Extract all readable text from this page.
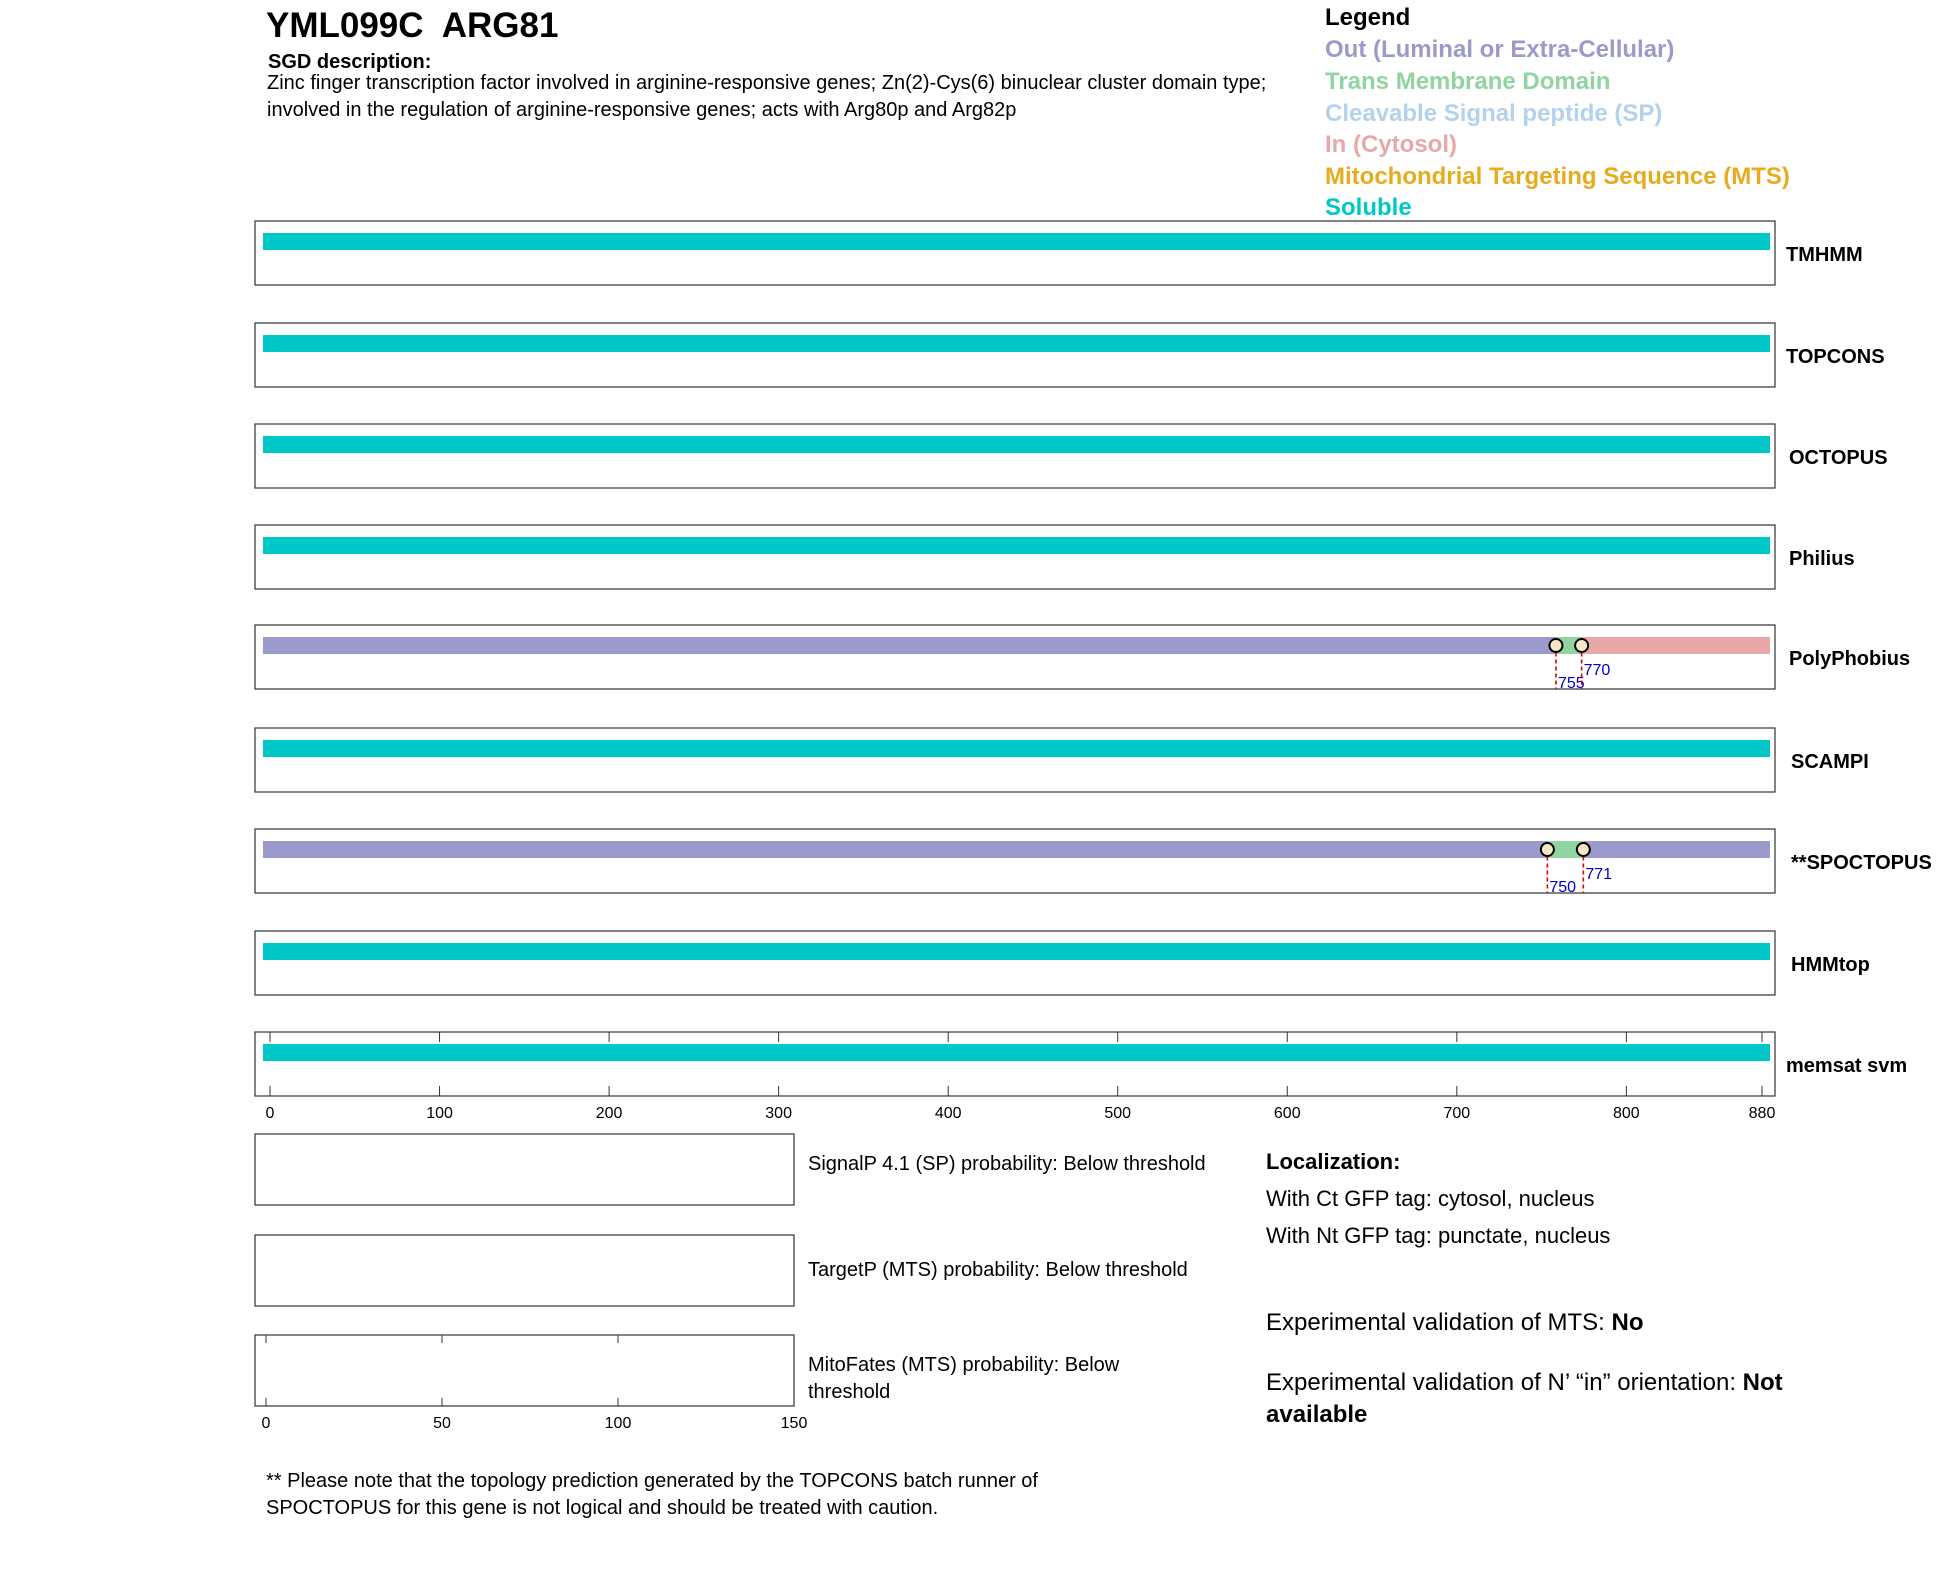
YML099C ARG81
SGD description:
Zinc finger transcription factor involved in arginine-responsive genes; Zn(2)-Cys(6) binuclear cluster domain type; involved in the regulation of arginine-responsive genes; acts with Arg80p and Arg82p
Legend
Out (Luminal or Extra-Cellular)
Trans Membrane Domain
Cleavable Signal peptide (SP)
In (Cytosol)
Mitochondrial Targeting Sequence (MTS)
Soluble
TMHMM
TOPCONS
OCTOPUS
Philius
755
770
PolyPhobius
SCAMPI
750
771
**SPOCTOPUS
HMMtop
memsat svm
0	100	200	300	400	500	600	700	800	880
0	50	100	150
SignalP 4.1 (SP) probability: Below threshold
TargetP (MTS) probability: Below threshold
MitoFates (MTS) probability: Below threshold
Localization:
With Ct GFP tag: cytosol, nucleus
With Nt GFP tag: punctate, nucleus
Experimental validation of MTS: No
Experimental validation of N’ “in” orientation: Not available
** Please note that the topology prediction generated by the TOPCONS batch runner of SPOCTOPUS for this gene is not logical and should be treated with caution.
